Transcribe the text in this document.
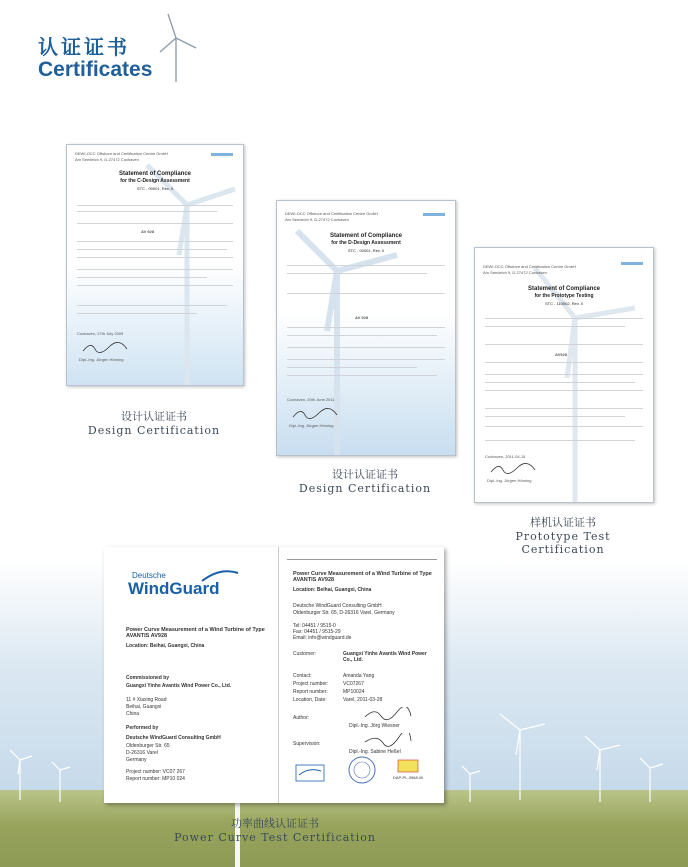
认证证书
Certificates
DEWI-OCC Offshore and Certification Centre GmbH
Am Seedeich 9, D-27472 Cuxhaven
Statement of Compliance
for the C-Design Assessment
STC - 00001, Rev. 0
AV 928
Cuxhaven, 27th July 2009
Dipl.-Ing. Jürgen Hörning
设计认证证书
Design Certification
DEWI-OCC Offshore and Certification Centre GmbH
Am Seedeich 9, D-27472 Cuxhaven
Statement of Compliance
for the D-Design Assessment
STC - 00001, Rev. 0
AV 928
Cuxhaven, 20th June 2011
Dipl.-Ing. Jürgen Hörning
设计认证证书
Design Certification
DEWI-OCC Offshore and Certification Centre GmbH
Am Seedeich 9, D-27472 Cuxhaven
Statement of Compliance
for the Prototype Testing
STC - 110002, Rev. 0
AV928
Cuxhaven, 2011-04-15
Dipl.-Ing. Jürgen Hörning
样机认证证书
Prototype Test Certification
Deutsche
WindGuard
Power Curve Measurement of a Wind Turbine of Type AVANTIS AV928
Location: Beihai, Guangxi, China
Commissioned by
Guangxi Yinhe Avantis Wind Power Co., Ltd.
11 # Xiaxing Road
Beihai, Guangxi
China
Performed by
Deutsche WindGuard Consulting GmbH
Oldenburger Str. 65
D-26316 Varel
Germany
Project number: VC07 267
Report number: MP10 024
Power Curve Measurement of a Wind Turbine of Type AVANTIS AV928
Location: Beihai, Guangxi, China
Deutsche WindGuard Consulting GmbH
Oldenburger Str. 65, D-26316 Varel, Germany
Tel: 04451 / 9515-0
Fax: 04451 / 9515-29
Email: info@windguard.de
Customer:	Guangxi Yinhe Avantis Wind Power Co., Ltd.
Contact:	Amanda Yang
Project number:	VC07267
Report number:	MP10024
Location, Date:	Varel, 2011-03-28
Author:
Dipl.-Ing. Jörg Wiesner
Supervision:
Dipl.-Ing. Sabine Heßel
DAP-PL-3968.00
功率曲线认证证书
Power Curve Test Certification
